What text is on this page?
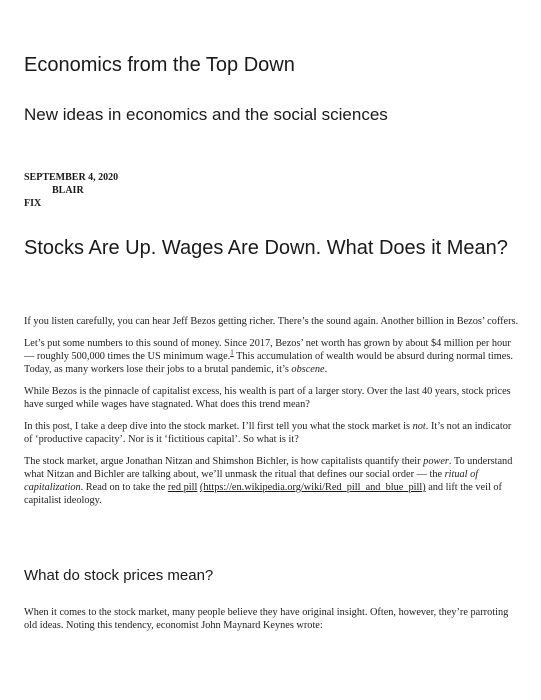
Economics from the Top Down
New ideas in economics and the social sciences
SEPTEMBER 4, 2020
BLAIR
FIX
Stocks Are Up. Wages Are Down. What Does it Mean?

If you listen carefully, you can hear Jeff Bezos getting richer. There’s the sound again. Another billion in Bezos’ coffers.

Let’s put some numbers to this sound of money. Since 2017, Bezos’ net worth has grown by about $4 million per hour — roughly 500,000 times the US minimum wage.$^1$ This accumulation of wealth would be absurd during normal times. Today, as many workers lose their jobs to a brutal pandemic, it’s obscene.

While Bezos is the pinnacle of capitalist excess, his wealth is part of a larger story. Over the last 40 years, stock prices have surged while wages have stagnated. What does this trend mean?

In this post, I take a deep dive into the stock market. I’ll first tell you what the stock market is not. It’s not an indicator of ‘productive capacity’. Nor is it ‘fictitious capital’. So what is it?

The stock market, argue Jonathan Nitzan and Shimshon Bichler, is how capitalists quantify their power. To understand what Nitzan and Bichler are talking about, we’ll unmask the ritual that defines our social order — the ritual of capitalization. Read on to take the red pill (https://en.wikipedia.org/wiki/Red_pill_and_blue_pill) and lift the veil of capitalist ideology.

What do stock prices mean?

When it comes to the stock market, many people believe they have original insight. Often, however, they’re parroting old ideas. Noting this tendency, economist John Maynard Keynes wrote:
